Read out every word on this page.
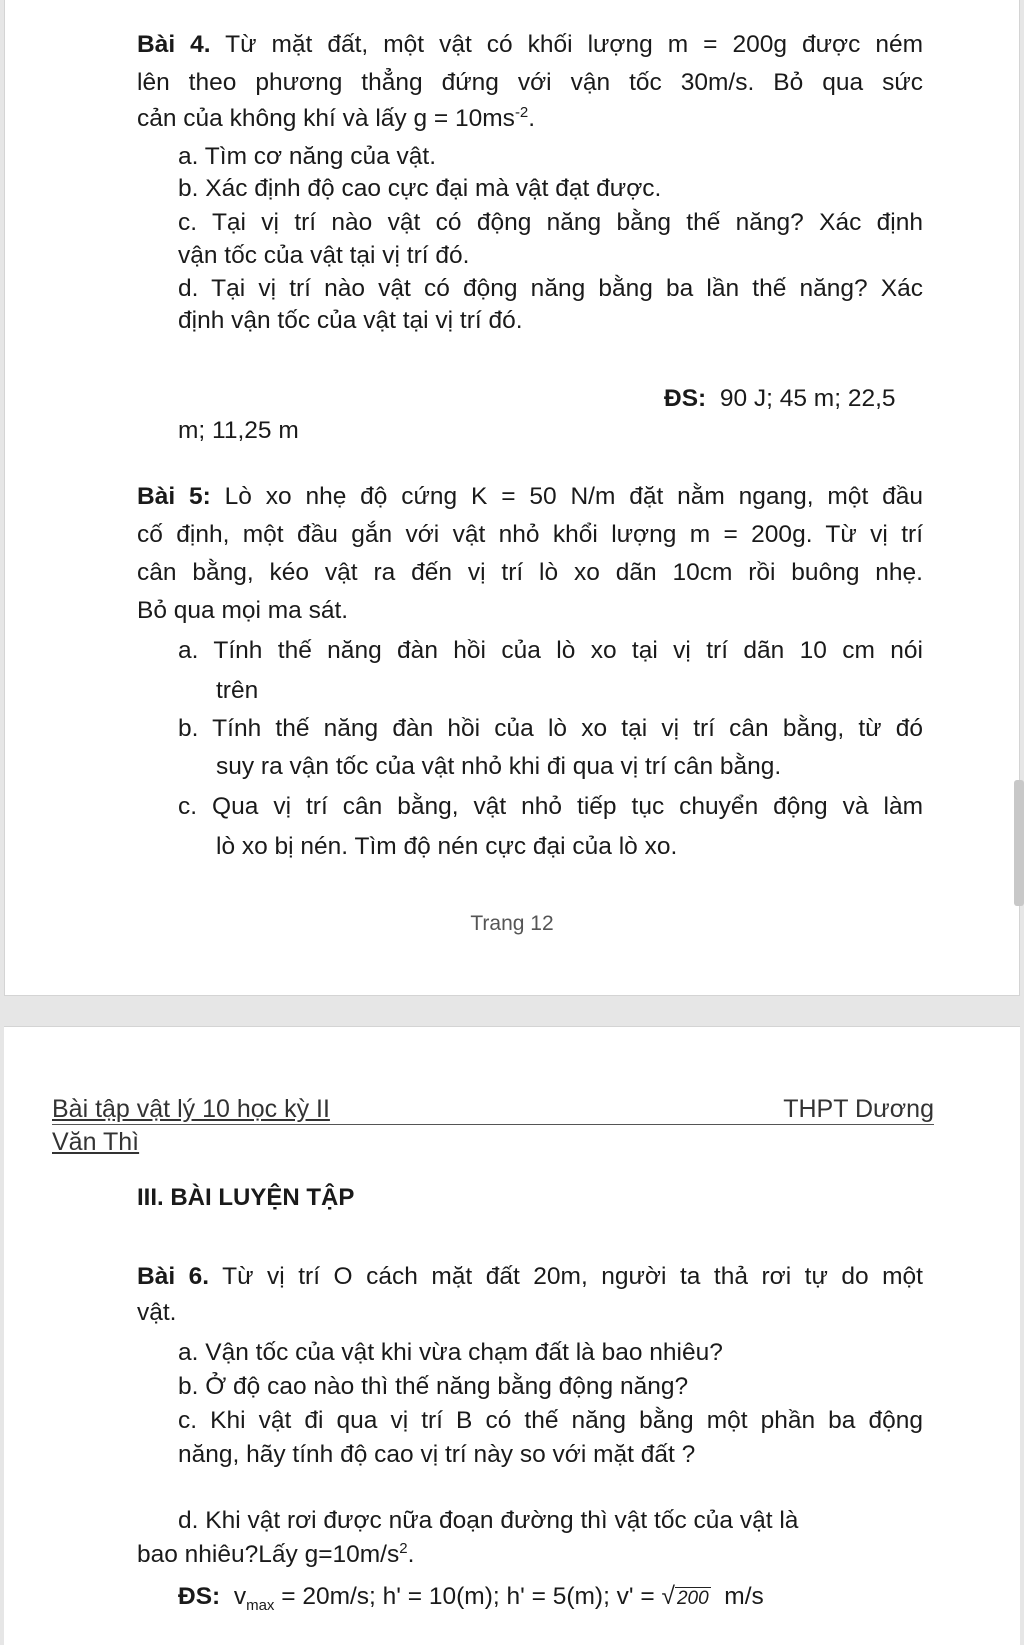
Bài 4. Từ mặt đất, một vật có khối lượng m = 200g được ném
lên theo phương thẳng đứng với vận tốc 30m/s. Bỏ qua sức
cản của không khí và lấy $g = 10ms^{-2}$.
a. Tìm cơ năng của vật.
b. Xác định độ cao cực đại mà vật đạt được.
c. Tại vị trí nào vật có động năng bằng thế năng? Xác định
vận tốc của vật tại vị trí đó.
d. Tại vị trí nào vật có động năng bằng ba lần thế năng? Xác
định vận tốc của vật tại vị trí đó.
ĐS:  90 J; 45 m; 22,5
m; 11,25 m
Bài 5: Lò xo nhẹ độ cứng K = 50 N/m đặt nằm ngang, một đầu
cố định, một đầu gắn với vật nhỏ khổi lượng m = 200g. Từ vị trí
cân bằng, kéo vật ra đến vị trí lò xo dãn 10cm rồi buông nhẹ.
Bỏ qua mọi ma sát.
a. Tính thế năng đàn hồi của lò xo tại vị trí dãn 10 cm nói
trên
b. Tính thế năng đàn hồi của lò xo tại vị trí cân bằng, từ đó
suy ra vận tốc của vật nhỏ khi đi qua vị trí cân bằng.
c. Qua vị trí cân bằng, vật nhỏ tiếp tục chuyển động và làm
lò xo bị nén. Tìm độ nén cực đại của lò xo.
Trang 12
Bài tập vật lý 10 học kỳ II	THPT Dương
Văn Thì
III. BÀI LUYỆN TẬP
Bài 6. Từ vị trí O cách mặt đất 20m, người ta thả rơi tự do một
vật.
a. Vận tốc của vật khi vừa chạm đất là bao nhiêu?
b. Ở độ cao nào thì thế năng bằng động năng?
c. Khi vật đi qua vị trí B có thế năng bằng một phần ba động
năng, hãy tính độ cao vị trí này so với mặt đất ?
d. Khi vật rơi được nữa đoạn đường thì vật tốc của vật là
bao nhiêu?Lấy $g=10m/s^2$.
ĐS:  $v_{max} = 20m/s$; h' = 10(m); h' = 5(m); v' = √ 200  m/s
